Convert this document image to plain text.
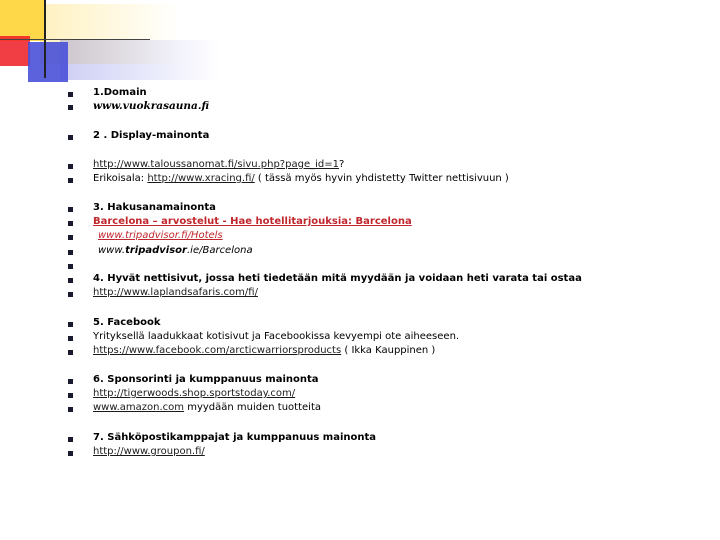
1.Domain
www.vuokrasauna.fi
2 . Display-mainonta
http://www.taloussanomat.fi/sivu.php?page_id=1?
Erikoisala: http://www.xracing.fi/ ( tässä myös hyvin yhdistetty Twitter nettisivuun )
3. Hakusanamainonta
Barcelona – arvostelut - Hae hotellitarjouksia: Barcelona
www.tripadvisor.fi/Hotels
www.tripadvisor.ie/Barcelona
4. Hyvät nettisivut, jossa heti tiedetään mitä myydään ja voidaan heti varata tai ostaa
http://www.laplandsafaris.com/fi/
5. Facebook
Yrityksellä laadukkaat kotisivut ja Facebookissa kevyempi ote aiheeseen.
https://www.facebook.com/arcticwarriorsproducts ( Ikka Kauppinen )
6. Sponsorinti ja kumppanuus mainonta
http://tigerwoods.shop.sportstoday.com/
www.amazon.com myydään muiden tuotteita
7. Sähköpostikamppajat ja kumppanuus mainonta
http://www.groupon.fi/
